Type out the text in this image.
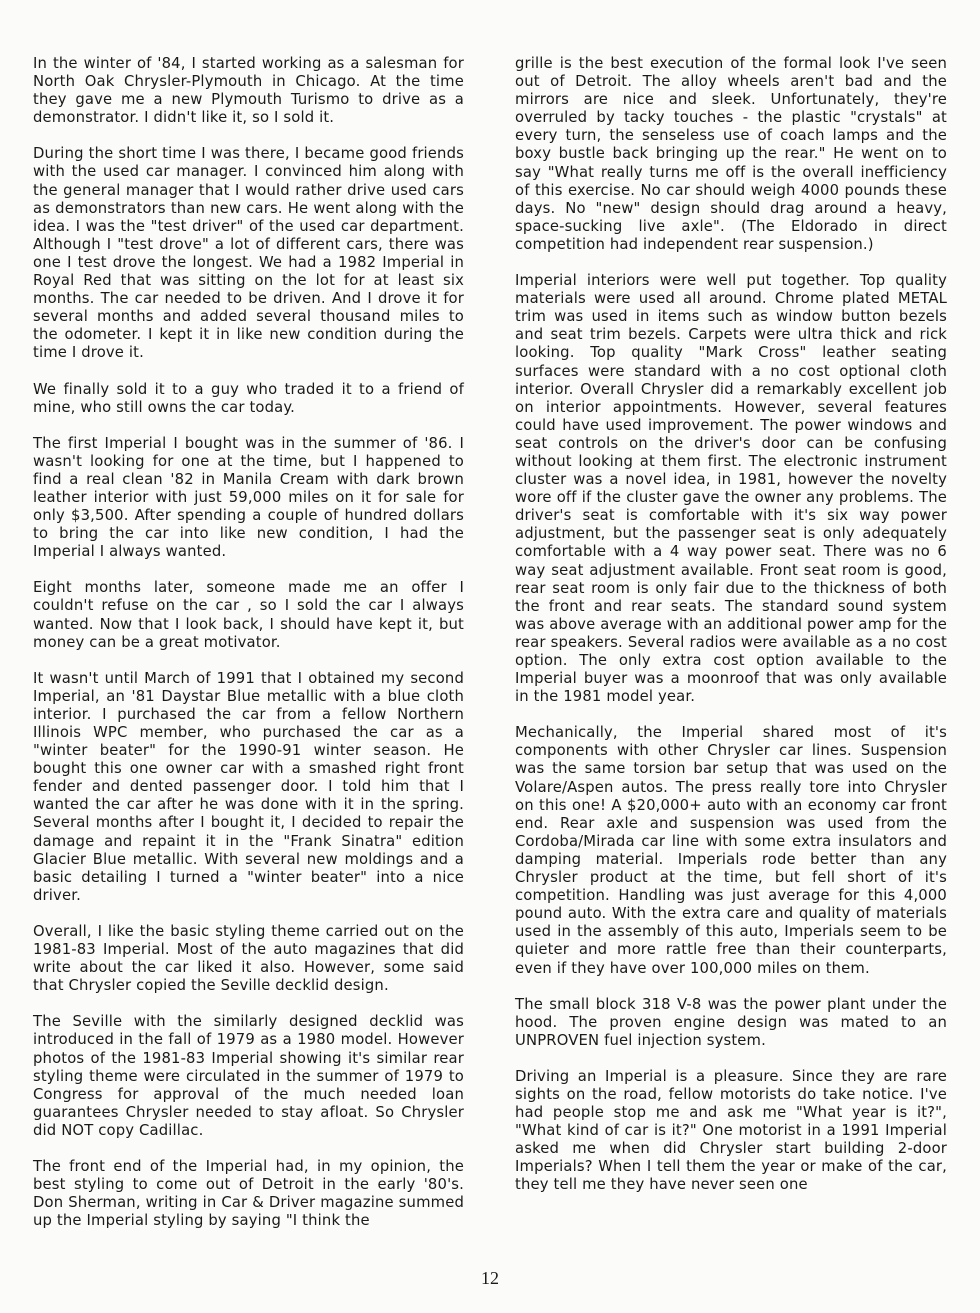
In the winter of '84, I started working as a salesman for North Oak Chrysler-Plymouth in Chicago. At the time they gave me a new Plymouth Turismo to drive as a demonstrator. I didn't like it, so I sold it.

During the short time I was there, I became good friends with the used car manager. I convinced him along with the general manager that I would rather drive used cars as demonstrators than new cars. He went along with the idea. I was the "test driver" of the used car department. Although I "test drove" a lot of different cars, there was one I test drove the longest. We had a 1982 Imperial in Royal Red that was sitting on the lot for at least six months. The car needed to be driven. And I drove it for several months and added several thousand miles to the odometer. I kept it in like new condition during the time I drove it.

We finally sold it to a guy who traded it to a friend of mine, who still owns the car today.

The first Imperial I bought was in the summer of '86. I wasn't looking for one at the time, but I happened to find a real clean '82 in Manila Cream with dark brown leather interior with just 59,000 miles on it for sale for only $3,500. After spending a couple of hundred dollars to bring the car into like new condition, I had the Imperial I always wanted.

Eight months later, someone made me an offer I couldn't refuse on the car , so I sold the car I always wanted. Now that I look back, I should have kept it, but money can be a great motivator.

It wasn't until March of 1991 that I obtained my second Imperial, an '81 Daystar Blue metallic with a blue cloth interior. I purchased the car from a fellow Northern Illinois WPC member, who purchased the car as a "winter beater" for the 1990-91 winter season. He bought this one owner car with a smashed right front fender and dented passenger door. I told him that I wanted the car after he was done with it in the spring. Several months after I bought it, I decided to repair the damage and repaint it in the "Frank Sinatra" edition Glacier Blue metallic. With several new moldings and a basic detailing I turned a "winter beater" into a nice driver.

Overall, I like the basic styling theme carried out on the 1981-83 Imperial. Most of the auto magazines that did write about the car liked it also. However, some said that Chrysler copied the Seville decklid design.

The Seville with the similarly designed decklid was introduced in the fall of 1979 as a 1980 model. However photos of the 1981-83 Imperial showing it's similar rear styling theme were circulated in the summer of 1979 to Congress for approval of the much needed loan guarantees Chrysler needed to stay afloat. So Chrysler did NOT copy Cadillac.

The front end of the Imperial had, in my opinion, the best styling to come out of Detroit in the early '80's. Don Sherman, writing in Car & Driver magazine summed up the Imperial styling by saying "I think the

grille is the best execution of the formal look I've seen out of Detroit. The alloy wheels aren't bad and the mirrors are nice and sleek. Unfortunately, they're overruled by tacky touches - the plastic "crystals" at every turn, the senseless use of coach lamps and the boxy bustle back bringing up the rear." He went on to say "What really turns me off is the overall inefficiency of this exercise. No car should weigh 4000 pounds these days. No "new" design should drag around a heavy, space-sucking live axle". (The Eldorado in direct competition had independent rear suspension.)

Imperial interiors were well put together. Top quality materials were used all around. Chrome plated METAL trim was used in items such as window button bezels and seat trim bezels. Carpets were ultra thick and rick looking. Top quality "Mark Cross" leather seating surfaces were standard with a no cost optional cloth interior. Overall Chrysler did a remarkably excellent job on interior appointments. However, several features could have used improvement. The power windows and seat controls on the driver's door can be confusing without looking at them first. The electronic instrument cluster was a novel idea, in 1981, however the novelty wore off if the cluster gave the owner any problems. The driver's seat is comfortable with it's six way power adjustment, but the passenger seat is only adequately comfortable with a 4 way power seat. There was no 6 way seat adjustment available. Front seat room is good, rear seat room is only fair due to the thickness of both the front and rear seats. The standard sound system was above average with an additional power amp for the rear speakers. Several radios were available as a no cost option. The only extra cost option available to the Imperial buyer was a moonroof that was only available in the 1981 model year.

Mechanically, the Imperial shared most of it's components with other Chrysler car lines. Suspension was the same torsion bar setup that was used on the Volare/Aspen autos. The press really tore into Chrysler on this one! A $20,000+ auto with an economy car front end. Rear axle and suspension was used from the Cordoba/Mirada car line with some extra insulators and damping material. Imperials rode better than any Chrysler product at the time, but fell short of it's competition. Handling was just average for this 4,000 pound auto. With the extra care and quality of materials used in the assembly of this auto, Imperials seem to be quieter and more rattle free than their counterparts, even if they have over 100,000 miles on them.

The small block 318 V-8 was the power plant under the hood. The proven engine design was mated to an UNPROVEN fuel injection system.

Driving an Imperial is a pleasure. Since they are rare sights on the road, fellow motorists do take notice. I've had people stop me and ask me "What year is it?", "What kind of car is it?" One motorist in a 1991 Imperial asked me when did Chrysler start building 2-door Imperials? When I tell them the year or make of the car, they tell me they have never seen one

12
